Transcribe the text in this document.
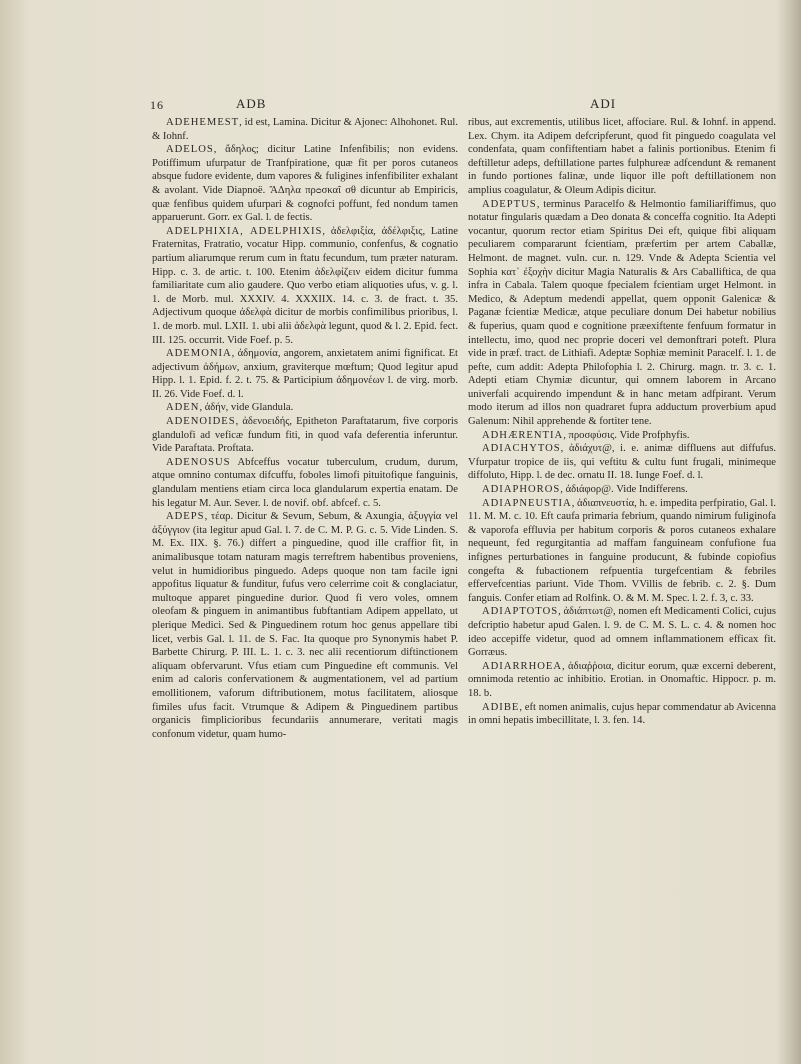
16	ADB	ADI

ADEHEMEST, id est, Lamina. Dicitur & Ajonec: Alhohonet. Rul. & Iohnf.

ADELOS, ἄδηλος; dicitur Latine Infenfibilis; non evidens. Potiffimum ufurpatur de Tranfpiratione, quæ fit per poros cutaneos absque fudore evidente, dum vapores & fuligines infenfibiliter exhalant & avolant. Vide Diapnoë. ἌΔηλα πρᴑσκαῖ σθ dicuntur ab Empiricis, quæ fenfibus quidem ufurpari & cognofci poffunt, fed nondum tamen apparuerunt. Gorr. ex Gal. l. de fectis.

ADELPHIXIA, ADELPHIXIS, ἀδελφιξία, ἀδέλφιξις, Latine Fraternitas, Fratratio, vocatur Hipp. communio, confenfus, & cognatio partium aliarumque rerum cum in ftatu fecundum, tum præter naturam. Hipp. c. 3. de artic. t. 100. Etenim ἀδελφίζειν eidem dicitur fumma familiaritate cum alio gaudere. Quo verbo etiam aliquoties ufus, v. g. l. 1. de Morb. mul. XXXIV. 4. XXXIIX. 14. c. 3. de fract. t. 35. Adjectivum quoque ἀδελφὰ dicitur de morbis confimilibus prioribus, l. 1. de morb. mul. LXII. 1. ubi alii ἀδελφὰ legunt, quod & l. 2. Epid. fect. III. 125. occurrit. Vide Foef. p. 5.

ADEMONIA, ἀδημονία, angorem, anxietatem animi fignificat. Et adjectivum ἀδήμων, anxium, graviterque mœftum; Quod legitur apud Hipp. l. 1. Epid. f. 2. t. 75. & Participium ἀδημονέων l. de virg. morb. II. 26. Vide Foef. d. l.

ADEN, ἀδήν, vide Glandula.

ADENOIDES, ἀδενοειδής, Epitheton Paraftatarum, five corporis glandulofi ad veficæ fundum fiti, in quod vafa deferentia inferuntur. Vide Paraftata. Proftata.

ADENOSUS Abfceffus vocatur tuberculum, crudum, durum, atque omnino contumax difcuffu, foboles limofi pituitofique fanguinis, glandulam mentiens etiam circa loca glandularum expertia enatam. De his legatur M. Aur. Sever. l. de novif. obf. abfcef. c. 5.

ADEPS, τέαρ. Dicitur & Sevum, Sebum, & Axungia, ἀξυγγία vel ἀξύγγιον (ita legitur apud Gal. l. 7. de C. M. P. G. c. 5. Vide Linden. S. M. Ex. IIX. §. 76.) differt a pinguedine, quod ille craffior fit, in animalibusque totam naturam magis terreftrem habentibus proveniens, velut in humidioribus pinguedo. Adeps quoque non tam facile igni appofitus liquatur & funditur, fufus vero celerrime coit & conglaciatur, multoque apparet pinguedine durior. Quod fi vero voles, omnem oleofam & pinguem in animantibus fubftantiam Adipem appellato, ut plerique Medici. Sed & Pinguedinem rotum hoc genus appellare tibi licet, verbis Gal. l. 11. de S. Fac. Ita quoque pro Synonymis habet P. Barbette Chirurg. P. III. L. 1. c. 3. nec alii recentiorum diftinctionem aliquam obfervarunt. Vfus etiam cum Pinguedine eft communis. Vel enim ad caloris confervationem & augmentationem, vel ad partium emollitionem, vaforum diftributionem, motus facilitatem, aliosque fimiles ufus facit. Vtrumque & Adipem & Pinguedinem partibus organicis fimplicioribus fecundariis annumerare, veritati magis confonum videtur, quam humo-

ribus, aut excrementis, utilibus licet, affociare. Rul. & Iohnf. in append. Lex. Chym. ita Adipem defcripferunt, quod fit pinguedo coagulata vel condenfata, quam confiftentiam habet a falinis portionibus. Etenim fi deftilletur adeps, deftillatione partes fulphureæ adfcendunt & remanent in fundo portiones falinæ, unde liquor ille poft deftillationem non amplius coagulatur, & Oleum Adipis dicitur.

ADEPTUS, terminus Paracelfo & Helmontio familiariffimus, quo notatur fingularis quædam a Deo donata & conceffa cognitio. Ita Adepti vocantur, quorum rector etiam Spiritus Dei eft, quique fibi aliquam peculiarem compararunt fcientiam, præfertim per artem Caballæ, Helmont. de magnet. vuln. cur. n. 129. Vnde & Adepta Scientia vel Sophia κατ᾽ ἐξοχὴν dicitur Magia Naturalis & Ars Caballiftica, de qua infra in Cabala. Talem quoque fpecialem fcientiam urget Helmont. in Medico, & Adeptum medendi appellat, quem opponit Galenicæ & Paganæ fcientiæ Medicæ, atque peculiare donum Dei habetur nobilius & fuperius, quam quod e cognitione præexiftente fenfuum formatur in intellectu, imo, quod nec proprie doceri vel demonftrari poteft. Plura vide in præf. tract. de Lithiafi. Adeptæ Sophiæ meminit Paracelf. l. 1. de pefte, cum addit: Adepta Philofophia l. 2. Chirurg. magn. tr. 3. c. 1. Adepti etiam Chymiæ dicuntur, qui omnem laborem in Arcano univerfali acquirendo impendunt & in hanc metam adfpirant. Verum modo iterum ad illos non quadraret fupra adductum proverbium apud Galenum: Nihil apprehende & fortiter tene.

ADHÆRENTIA, προσφύσις. Vide Profphyfis.

ADIACHYTOS, ἀδιάχυτ@, i. e. animæ diffluens aut diffufus. Vfurpatur tropice de iis, qui veftitu & cultu funt frugali, minimeque diffoluto, Hipp. l. de dec. ornatu II. 18. Iunge Foef. d. l.

ADIAPHOROS, ἀδιάφορ@. Vide Indifferens.

ADIAPNEUSTIA, ἀδιαπνευστία, h. e. impedita perfpiratio, Gal. l. 11. M. M. c. 10. Eft caufa primaria febrium, quando nimirum fuliginofa & vaporofa effluvia per habitum corporis & poros cutaneos exhalare nequeunt, fed regurgitantia ad maffam fanguineam confufione fua infignes perturbationes in fanguine producunt, & fubinde copiofius congefta & fubactionem refpuentia turgefcentiam & febriles effervefcentias pariunt. Vide Thom. VVillis de febrib. c. 2. §. Dum fanguis. Confer etiam ad Rolfink. O. & M. M. Spec. l. 2. f. 3, c. 33.

ADIAPTOTOS, ἀδιάπτωτ@, nomen eft Medicamenti Colici, cujus defcriptio habetur apud Galen. l. 9. de C. M. S. L. c. 4. & nomen hoc ideo accepiffe videtur, quod ad omnem inflammationem efficax fit. Gorræus.

ADIARRHOEA, ἀδιαῤῥοια, dicitur eorum, quæ excerni deberent, omnimoda retentio ac inhibitio. Erotian. in Onomaftic. Hippocr. p. m. 18. b.

ADIBE, eft nomen animalis, cujus hepar commendatur ab Avicenna in omni hepatis imbecillitate, l. 3. fen. 14.
